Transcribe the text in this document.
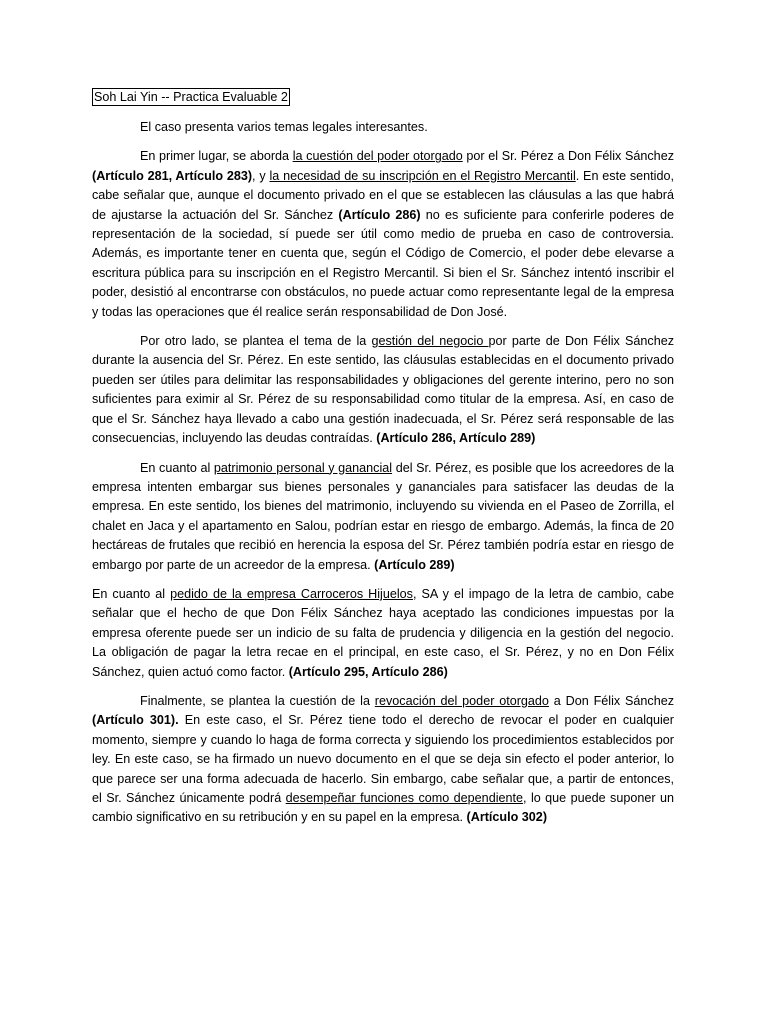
Soh Lai Yin -- Practica Evaluable 2

El caso presenta varios temas legales interesantes.

En primer lugar, se aborda la cuestión del poder otorgado por el Sr. Pérez a Don Félix Sánchez (Artículo 281, Artículo 283), y la necesidad de su inscripción en el Registro Mercantil. En este sentido, cabe señalar que, aunque el documento privado en el que se establecen las cláusulas a las que habrá de ajustarse la actuación del Sr. Sánchez (Artículo 286) no es suficiente para conferirle poderes de representación de la sociedad, sí puede ser útil como medio de prueba en caso de controversia. Además, es importante tener en cuenta que, según el Código de Comercio, el poder debe elevarse a escritura pública para su inscripción en el Registro Mercantil. Si bien el Sr. Sánchez intentó inscribir el poder, desistió al encontrarse con obstáculos, no puede actuar como representante legal de la empresa y todas las operaciones que él realice serán responsabilidad de Don José.

Por otro lado, se plantea el tema de la gestión del negocio por parte de Don Félix Sánchez durante la ausencia del Sr. Pérez. En este sentido, las cláusulas establecidas en el documento privado pueden ser útiles para delimitar las responsabilidades y obligaciones del gerente interino, pero no son suficientes para eximir al Sr. Pérez de su responsabilidad como titular de la empresa. Así, en caso de que el Sr. Sánchez haya llevado a cabo una gestión inadecuada, el Sr. Pérez será responsable de las consecuencias, incluyendo las deudas contraídas. (Artículo 286, Artículo 289)

En cuanto al patrimonio personal y ganancial del Sr. Pérez, es posible que los acreedores de la empresa intenten embargar sus bienes personales y gananciales para satisfacer las deudas de la empresa. En este sentido, los bienes del matrimonio, incluyendo su vivienda en el Paseo de Zorrilla, el chalet en Jaca y el apartamento en Salou, podrían estar en riesgo de embargo. Además, la finca de 20 hectáreas de frutales que recibió en herencia la esposa del Sr. Pérez también podría estar en riesgo de embargo por parte de un acreedor de la empresa. (Artículo 289)

En cuanto al pedido de la empresa Carroceros Hijuelos, SA y el impago de la letra de cambio, cabe señalar que el hecho de que Don Félix Sánchez haya aceptado las condiciones impuestas por la empresa oferente puede ser un indicio de su falta de prudencia y diligencia en la gestión del negocio. La obligación de pagar la letra recae en el principal, en este caso, el Sr. Pérez, y no en Don Félix Sánchez, quien actuó como factor. (Artículo 295, Artículo 286)

Finalmente, se plantea la cuestión de la revocación del poder otorgado a Don Félix Sánchez (Artículo 301). En este caso, el Sr. Pérez tiene todo el derecho de revocar el poder en cualquier momento, siempre y cuando lo haga de forma correcta y siguiendo los procedimientos establecidos por ley. En este caso, se ha firmado un nuevo documento en el que se deja sin efecto el poder anterior, lo que parece ser una forma adecuada de hacerlo. Sin embargo, cabe señalar que, a partir de entonces, el Sr. Sánchez únicamente podrá desempeñar funciones como dependiente, lo que puede suponer un cambio significativo en su retribución y en su papel en la empresa. (Artículo 302)
